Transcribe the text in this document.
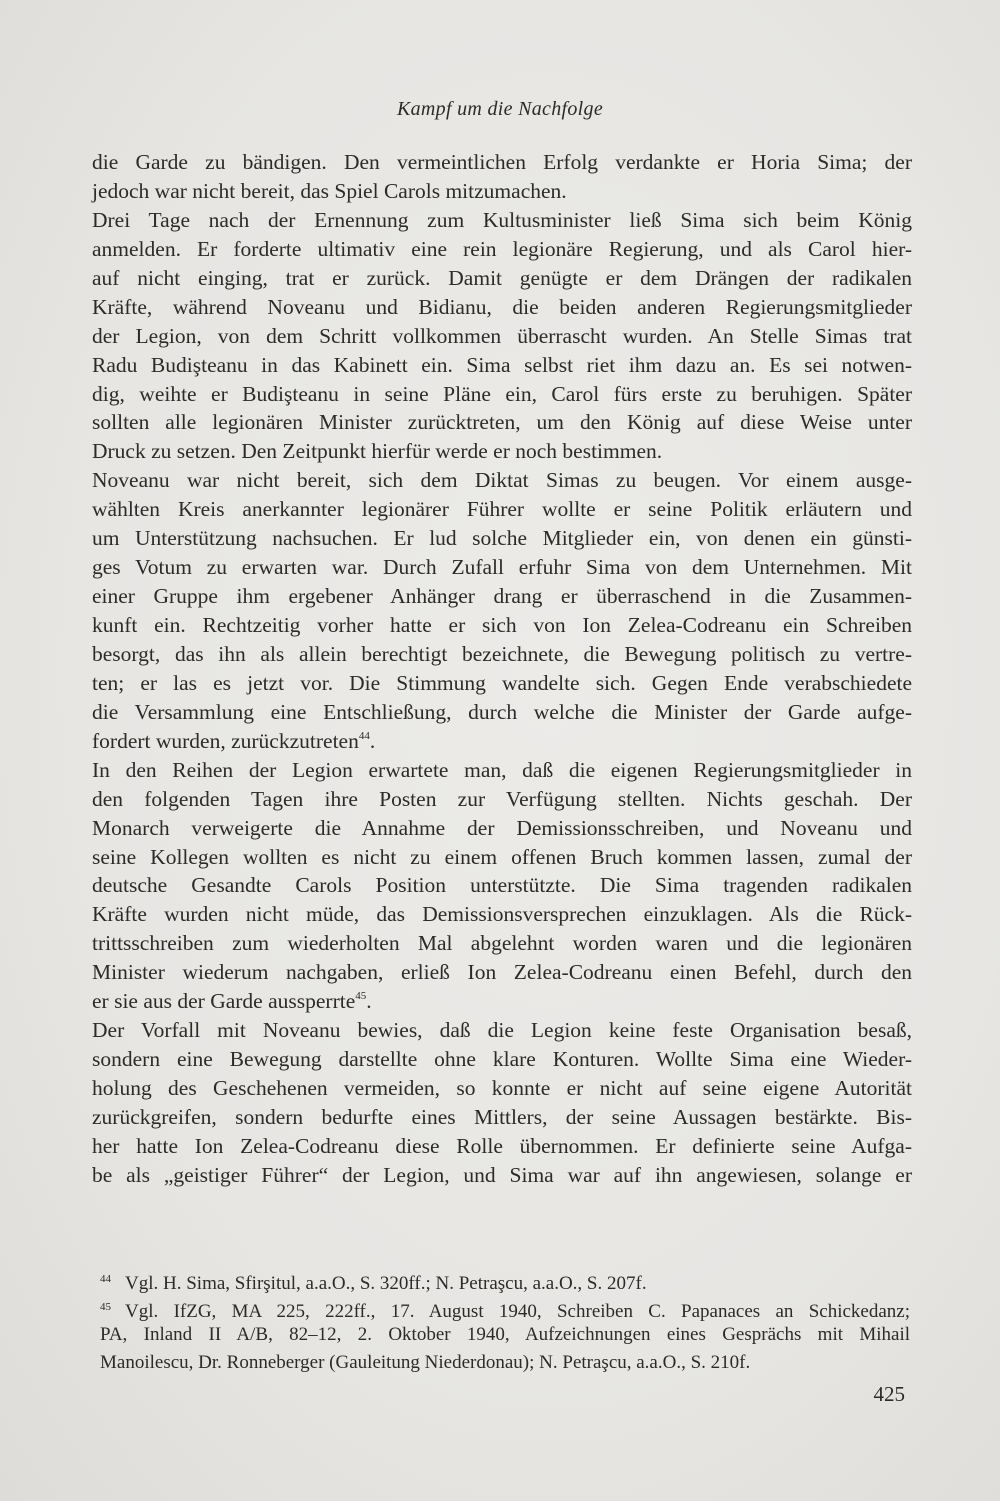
Kampf um die Nachfolge
die Garde zu bändigen. Den vermeintlichen Erfolg verdankte er Horia Sima; der
jedoch war nicht bereit, das Spiel Carols mitzumachen.
Drei Tage nach der Ernennung zum Kultusminister ließ Sima sich beim König
anmelden. Er forderte ultimativ eine rein legionäre Regierung, und als Carol hier-
auf nicht einging, trat er zurück. Damit genügte er dem Drängen der radikalen
Kräfte, während Noveanu und Bidianu, die beiden anderen Regierungsmitglieder
der Legion, von dem Schritt vollkommen überrascht wurden. An Stelle Simas trat
Radu Budişteanu in das Kabinett ein. Sima selbst riet ihm dazu an. Es sei notwen-
dig, weihte er Budişteanu in seine Pläne ein, Carol fürs erste zu beruhigen. Später
sollten alle legionären Minister zurücktreten, um den König auf diese Weise unter
Druck zu setzen. Den Zeitpunkt hierfür werde er noch bestimmen.
Noveanu war nicht bereit, sich dem Diktat Simas zu beugen. Vor einem ausge-
wählten Kreis anerkannter legionärer Führer wollte er seine Politik erläutern und
um Unterstützung nachsuchen. Er lud solche Mitglieder ein, von denen ein günsti-
ges Votum zu erwarten war. Durch Zufall erfuhr Sima von dem Unternehmen. Mit
einer Gruppe ihm ergebener Anhänger drang er überraschend in die Zusammen-
kunft ein. Rechtzeitig vorher hatte er sich von Ion Zelea-Codreanu ein Schreiben
besorgt, das ihn als allein berechtigt bezeichnete, die Bewegung politisch zu vertre-
ten; er las es jetzt vor. Die Stimmung wandelte sich. Gegen Ende verabschiedete
die Versammlung eine Entschließung, durch welche die Minister der Garde aufge-
fordert wurden, zurückzutreten$^{44}$.
In den Reihen der Legion erwartete man, daß die eigenen Regierungsmitglieder in
den folgenden Tagen ihre Posten zur Verfügung stellten. Nichts geschah. Der
Monarch verweigerte die Annahme der Demissionsschreiben, und Noveanu und
seine Kollegen wollten es nicht zu einem offenen Bruch kommen lassen, zumal der
deutsche Gesandte Carols Position unterstützte. Die Sima tragenden radikalen
Kräfte wurden nicht müde, das Demissionsversprechen einzuklagen. Als die Rück-
trittsschreiben zum wiederholten Mal abgelehnt worden waren und die legionären
Minister wiederum nachgaben, erließ Ion Zelea-Codreanu einen Befehl, durch den
er sie aus der Garde aussperrte$^{45}$.
Der Vorfall mit Noveanu bewies, daß die Legion keine feste Organisation besaß,
sondern eine Bewegung darstellte ohne klare Konturen. Wollte Sima eine Wieder-
holung des Geschehenen vermeiden, so konnte er nicht auf seine eigene Autorität
zurückgreifen, sondern bedurfte eines Mittlers, der seine Aussagen bestärkte. Bis-
her hatte Ion Zelea-Codreanu diese Rolle übernommen. Er definierte seine Aufga-
be als „geistiger Führer“ der Legion, und Sima war auf ihn angewiesen, solange er
$^{44}$ Vgl. H. Sima, Sfirşitul, a.a.O., S. 320ff.; N. Petraşcu, a.a.O., S. 207f.
$^{45}$ Vgl. IfZG, MA 225, 222ff., 17. August 1940, Schreiben C. Papanaces an Schickedanz;
PA, Inland II A/B, 82–12, 2. Oktober 1940, Aufzeichnungen eines Gesprächs mit Mihail
Manoilescu, Dr. Ronneberger (Gauleitung Niederdonau); N. Petraşcu, a.a.O., S. 210f.
425
